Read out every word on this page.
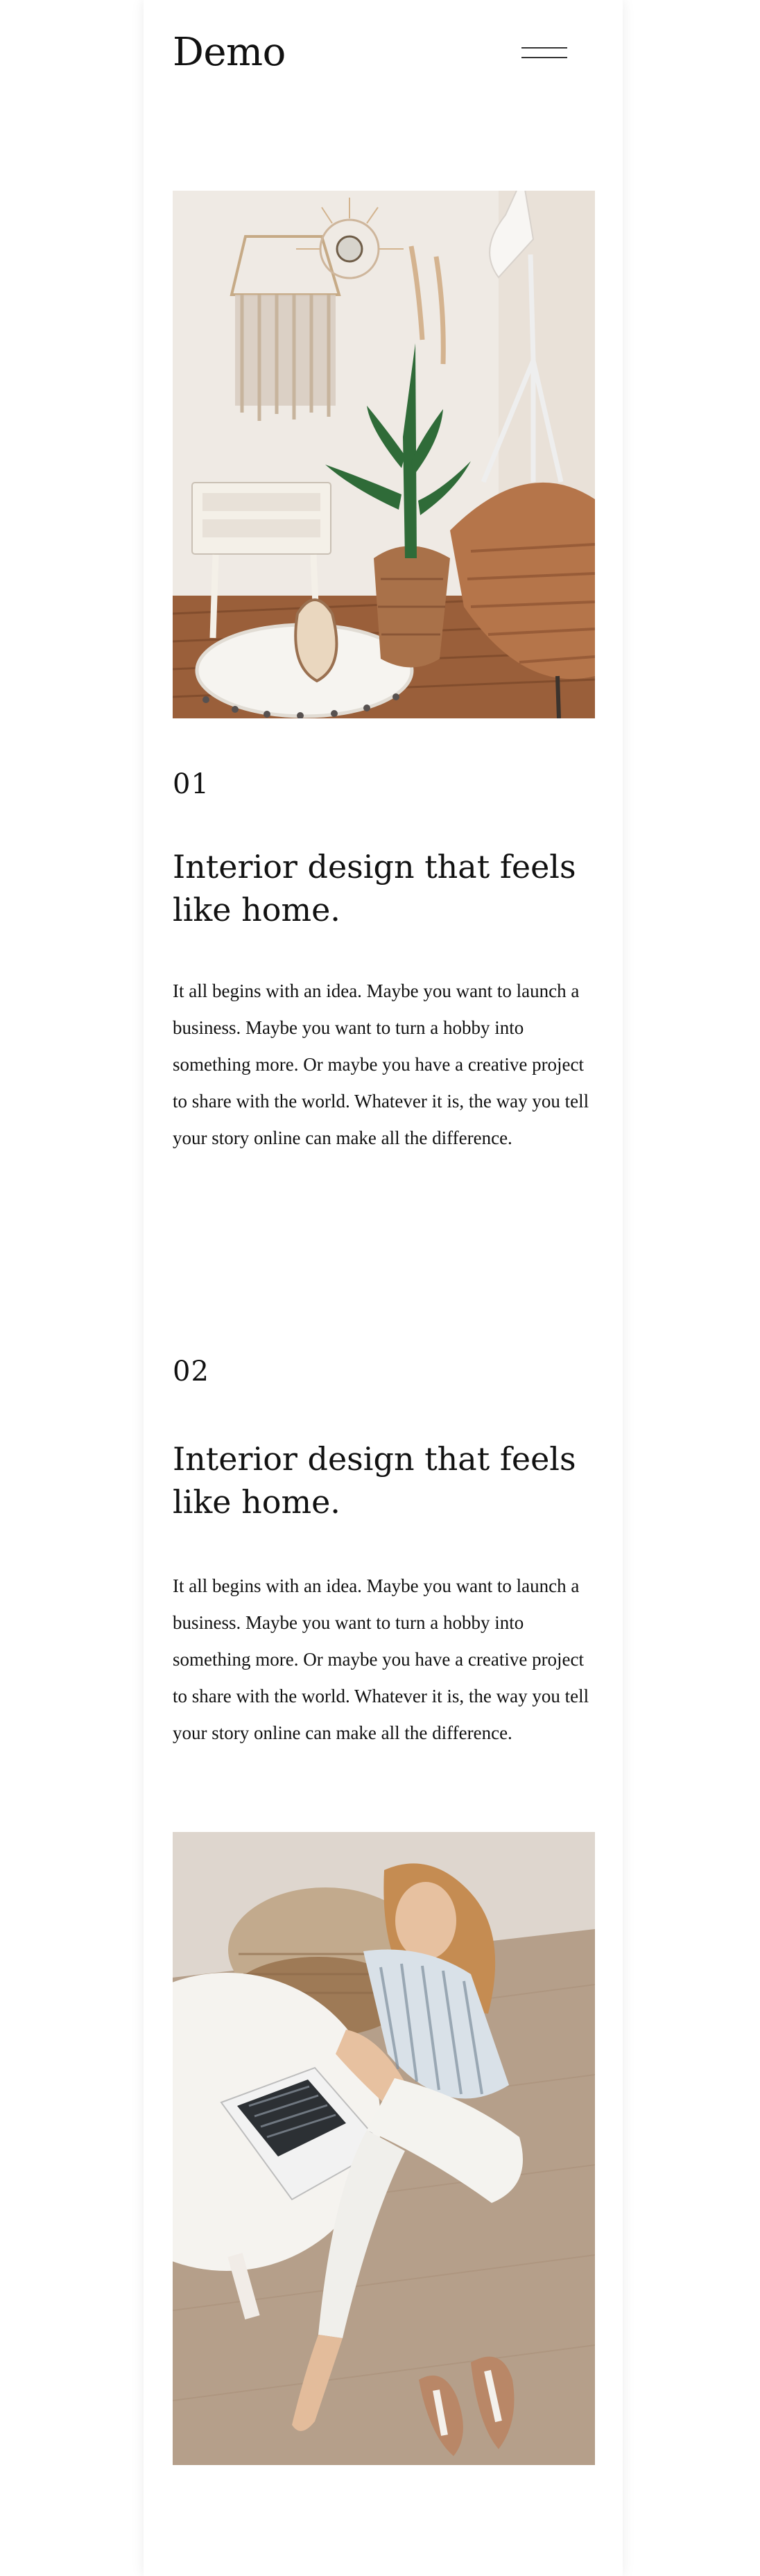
Demo
01
Interior design that feels like home.

It all begins with an idea. Maybe you want to launch a business. Maybe you want to turn a hobby into something more. Or maybe you have a creative project to share with the world. Whatever it is, the way you tell your story online can make all the difference.

02
Interior design that feels like home.

It all begins with an idea. Maybe you want to launch a business. Maybe you want to turn a hobby into something more. Or maybe you have a creative project to share with the world. Whatever it is, the way you tell your story online can make all the difference.
